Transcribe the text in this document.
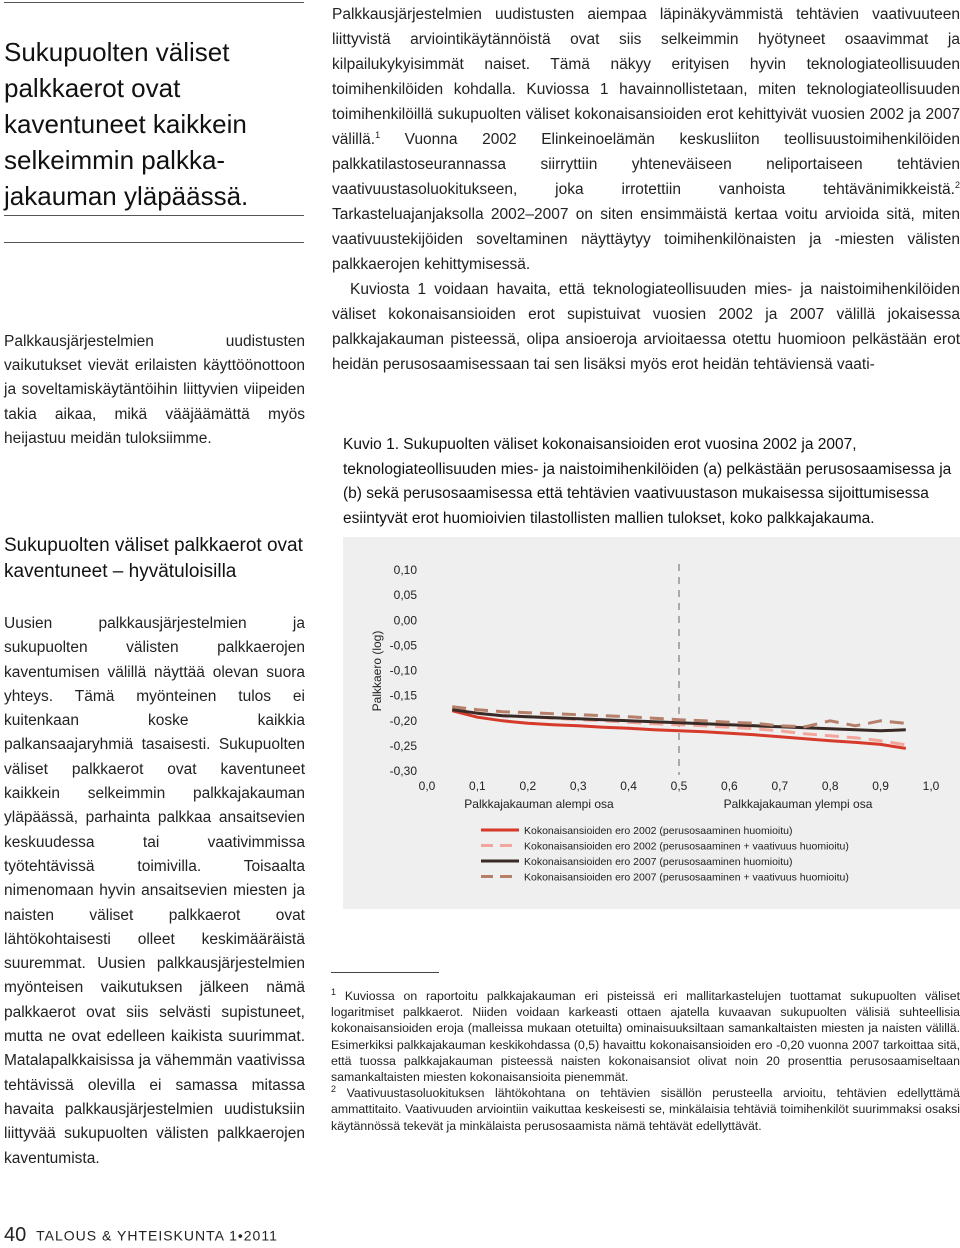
Sukupuolten väliset palkkaerot ovat kaventuneet kaikkein selkeimmin palkkajakauman yläpäässä.
Palkkausjärjestelmien uudistusten vaikutukset vievät erilaisten käyttöönottoon ja soveltamiskäytäntöihin liittyvien viipeiden takia aikaa, mikä vääjäämättä myös heijastuu meidän tuloksiimme.
Sukupuolten väliset palkkaerot ovat kaventuneet – hyvätuloisilla
Uusien palkkausjärjestelmien ja sukupuolten välisten palkkaerojen kaventumisen välillä näyttää olevan suora yhteys. Tämä myönteinen tulos ei kuitenkaan koske kaikkia palkansaajaryhmiä tasaisesti. Sukupuolten väliset palkkaerot ovat kaventuneet kaikkein selkeimmin palkkajakauman yläpäässä, parhainta palkkaa ansaitsevien keskuudessa tai vaativimmissa työtehtävissä toimivilla. Toisaalta nimenomaan hyvin ansaitsevien miesten ja naisten väliset palkkaerot ovat lähtökohtaisesti olleet keskimääräistä suuremmat. Uusien palkkausjärjestelmien myönteisen vaikutuksen jälkeen nämä palkkaerot ovat siis selvästi supistuneet, mutta ne ovat edelleen kaikista suurimmat. Matalapalkkaisissa ja vähemmän vaativissa tehtävissä olevilla ei samassa mitassa havaita palkkausjärjestelmien uudistuksiin liittyvää sukupuolten välisten palkkaerojen kaventumista.

Palkkausjärjestelmien uudistusten aiempaa läpinäkyvämmistä tehtävien vaativuuteen liittyvistä arviointikäytännöistä ovat siis selkeimmin hyötyneet osaavimmat ja kilpailukykyisimmät naiset. Tämä näkyy erityisen hyvin teknologiateollisuuden toimihenkilöiden kohdalla. Kuviossa 1 havainnollistetaan, miten teknologiateollisuuden toimihenkilöillä sukupuolten väliset kokonaisansioiden erot kehittyivät vuosien 2002 ja 2007 välillä.$^1$ Vuonna 2002 Elinkeinoelämän keskusliiton teollisuustoimihenkilöiden palkkatilastoseurannassa siirryttiin yhteneväiseen neliportaiseen tehtävien vaativuustasoluokitukseen, joka irrotettiin vanhoista tehtävänimikkeistä.$^2$ Tarkasteluajanjaksolla 2002–2007 on siten ensimmäistä kertaa voitu arvioida sitä, miten vaativuustekijöiden soveltaminen näyttäytyy toimihenkilönaisten ja -miesten välisten palkkaerojen kehittymisessä.

Kuviosta 1 voidaan havaita, että teknologiateollisuuden mies- ja naistoimihenkilöiden väliset kokonaisansioiden erot supistuivat vuosien 2002 ja 2007 välillä jokaisessa palkkajakauman pisteessä, olipa ansioeroja arvioitaessa otettu huomioon pelkästään erot heidän perusosaamisessaan tai sen lisäksi myös erot heidän tehtäviensä vaati-

Kuvio 1. Sukupuolten väliset kokonaisansioiden erot vuosina 2002 ja 2007, teknologiateollisuuden mies- ja naistoimihenkilöiden (a) pelkästään perusosaamisessa ja (b) sekä perusosaamisessa että tehtävien vaativuustason mukaisessa sijoittumisessa esiintyvät erot huomioivien tilastollisten mallien tulokset, koko palkkajakauma.
0,10
0,05
0,00
-0,05
-0,10
-0,15
-0,20
-0,25
-0,30
0,0	0,1	0,2	0,3	0,4	0,5	0,6	0,7	0,8	0,9	1,0
Palkkaero (log)
Palkkajakauman alempi osa	Palkkajakauman ylempi osa
Kokonaisansioiden ero 2002 (perusosaaminen huomioitu)
Kokonaisansioiden ero 2002 (perusosaaminen + vaativuus huomioitu)
Kokonaisansioiden ero 2007 (perusosaaminen huomioitu)
Kokonaisansioiden ero 2007 (perusosaaminen + vaativuus huomioitu)

$^1$ Kuviossa on raportoitu palkkajakauman eri pisteissä eri mallitarkastelujen tuottamat sukupuolten väliset logaritmiset palkkaerot. Niiden voidaan karkeasti ottaen ajatella kuvaavan sukupuolten välisiä suhteellisia kokonaisansioiden eroja (malleissa mukaan otetuilta) ominaisuuksiltaan samankaltaisten miesten ja naisten välillä. Esimerkiksi palkkajakauman keskikohdassa (0,5) havaittu kokonaisansioiden ero -0,20 vuonna 2007 tarkoittaa sitä, että tuossa palkkajakauman pisteessä naisten kokonaisansiot olivat noin 20 prosenttia perusosaamiseltaan samankaltaisten miesten kokonaisansioita pienemmät.

$^2$ Vaativuustasoluokituksen lähtökohtana on tehtävien sisällön perusteella arvioitu, tehtävien edellyttämä ammattitaito. Vaativuuden arviointiin vaikuttaa keskeisesti se, minkälaisia tehtäviä toimihenkilöt suurimmaksi osaksi käytännössä tekevät ja minkälaista perusosaamista nämä tehtävät edellyttävät.

40 TALOUS & YHTEISKUNTA 1•2011
